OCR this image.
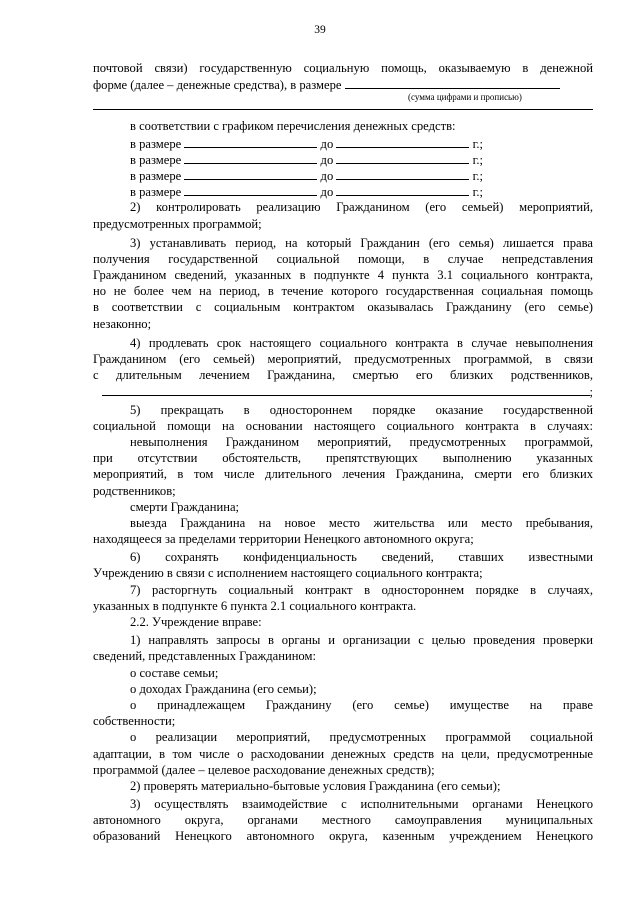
39
почтовой связи) государственную социальную помощь, оказываемую в денежной
форме (далее – денежные средства), в размере
(сумма цифрами и прописью)
в соответствии с графиком перечисления денежных средств:
в размере	до	г.;
в размере	до	г.;
в размере	до	г.;
в размере	до	г.;
2) контролировать реализацию Гражданином (его семьей) мероприятий,
предусмотренных программой;
3) устанавливать период, на который Гражданин (его семья) лишается права
получения государственной социальной помощи, в случае непредставления
Гражданином сведений, указанных в подпункте 4 пункта 3.1 социального контракта,
но не более чем на период, в течение которого государственная социальная помощь
в соответствии с социальным контрактом оказывалась Гражданину (его семье)
незаконно;
4) продлевать срок настоящего социального контракта в случае невыполнения
Гражданином (его семьей) мероприятий, предусмотренных программой, в связи
с длительным лечением Гражданина, смертью его близких родственников,
;
5) прекращать в одностороннем порядке оказание государственной
социальной помощи на основании настоящего социального контракта в случаях:
невыполнения Гражданином мероприятий, предусмотренных программой,
при отсутствии обстоятельств, препятствующих выполнению указанных
мероприятий, в том числе длительного лечения Гражданина, смерти его близких
родственников;
смерти Гражданина;
выезда Гражданина на новое место жительства или место пребывания,
находящееся за пределами территории Ненецкого автономного округа;
6) сохранять конфиденциальность сведений, ставших известными
Учреждению в связи с исполнением настоящего социального контракта;
7) расторгнуть социальный контракт в одностороннем порядке в случаях,
указанных в подпункте 6 пункта 2.1 социального контракта.
2.2. Учреждение вправе:
1) направлять запросы в органы и организации с целью проведения проверки
сведений, представленных Гражданином:
о составе семьи;
о доходах Гражданина (его семьи);
о принадлежащем Гражданину (его семье) имуществе на праве
собственности;
о реализации мероприятий, предусмотренных программой социальной
адаптации, в том числе о расходовании денежных средств на цели, предусмотренные
программой (далее – целевое расходование денежных средств);
2) проверять материально-бытовые условия Гражданина (его семьи);
3) осуществлять взаимодействие с исполнительными органами Ненецкого
автономного округа, органами местного самоуправления муниципальных
образований Ненецкого автономного округа, казенным учреждением Ненецкого
